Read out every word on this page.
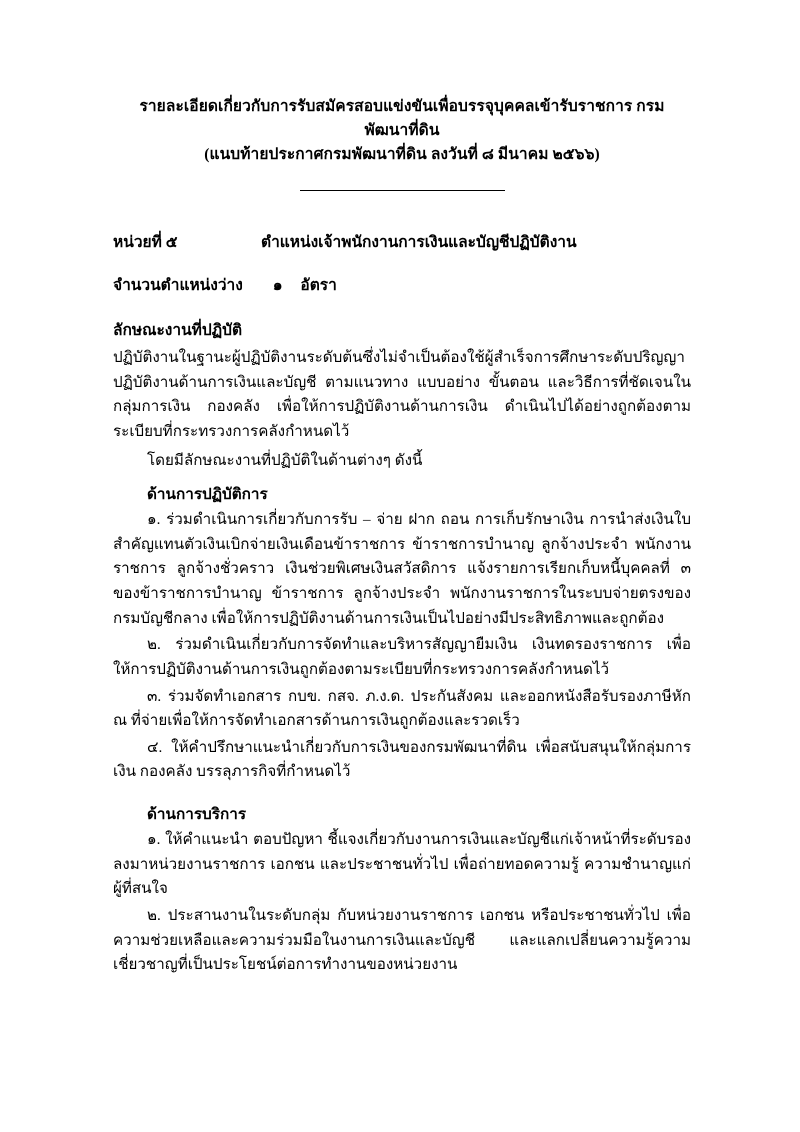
รายละเอียดเกี่ยวกับการรับสมัครสอบแข่งขันเพื่อบรรจุบุคคลเข้ารับราชการ กรมพัฒนาที่ดิน
(แนบท้ายประกาศกรมพัฒนาที่ดิน ลงวันที่ ๘ มีนาคม ๒๕๖๖)
หน่วยที่ ๕	ตำแหน่งเจ้าพนักงานการเงินและบัญชีปฏิบัติงาน
จำนวนตำแหน่งว่าง ๑ อัตรา
ลักษณะงานที่ปฏิบัติ

ปฏิบัติงานในฐานะผู้ปฏิบัติงานระดับต้นซึ่งไม่จำเป็นต้องใช้ผู้สำเร็จการศึกษาระดับปริญญา ปฏิบัติงานด้านการเงินและบัญชี ตามแนวทาง แบบอย่าง ขั้นตอน และวิธีการที่ชัดเจนในกลุ่มการเงิน กองคลัง เพื่อให้การปฏิบัติงานด้านการเงิน ดำเนินไปได้อย่างถูกต้องตามระเบียบที่กระทรวงการคลังกำหนดไว้

โดยมีลักษณะงานที่ปฏิบัติในด้านต่างๆ ดังนี้

ด้านการปฏิบัติการ

๑. ร่วมดำเนินการเกี่ยวกับการรับ – จ่าย ฝาก ถอน การเก็บรักษาเงิน การนำส่งเงินใบสำคัญแทนตัวเงินเบิกจ่ายเงินเดือนข้าราชการ ข้าราชการบำนาญ ลูกจ้างประจำ พนักงานราชการ ลูกจ้างชั่วคราว เงินช่วยพิเศษเงินสวัสดิการ แจ้งรายการเรียกเก็บหนี้บุคคลที่ ๓ ของข้าราชการบำนาญ ข้าราชการ ลูกจ้างประจำ พนักงานราชการในระบบจ่ายตรงของกรมบัญชีกลาง เพื่อให้การปฏิบัติงานด้านการเงินเป็นไปอย่างมีประสิทธิภาพและถูกต้อง

๒. ร่วมดำเนินเกี่ยวกับการจัดทำและบริหารสัญญายืมเงิน เงินทดรองราชการ เพื่อให้การปฏิบัติงานด้านการเงินถูกต้องตามระเบียบที่กระทรวงการคลังกำหนดไว้

๓. ร่วมจัดทำเอกสาร กบข. กสจ. ภ.ง.ด. ประกันสังคม และออกหนังสือรับรองภาษีหัก ณ ที่จ่ายเพื่อให้การจัดทำเอกสารด้านการเงินถูกต้องและรวดเร็ว

๔. ให้คำปรึกษาแนะนำเกี่ยวกับการเงินของกรมพัฒนาที่ดิน เพื่อสนับสนุนให้กลุ่มการเงิน กองคลัง บรรลุภารกิจที่กำหนดไว้

ด้านการบริการ

๑. ให้คำแนะนำ ตอบปัญหา ชี้แจงเกี่ยวกับงานการเงินและบัญชีแก่เจ้าหน้าที่ระดับรองลงมาหน่วยงานราชการ เอกชน และประชาชนทั่วไป เพื่อถ่ายทอดความรู้ ความชำนาญแก่ผู้ที่สนใจ

๒. ประสานงานในระดับกลุ่ม กับหน่วยงานราชการ เอกชน หรือประชาชนทั่วไป เพื่อความช่วยเหลือและความร่วมมือในงานการเงินและบัญชี และแลกเปลี่ยนความรู้ความเชี่ยวชาญที่เป็นประโยชน์ต่อการทำงานของหน่วยงาน
